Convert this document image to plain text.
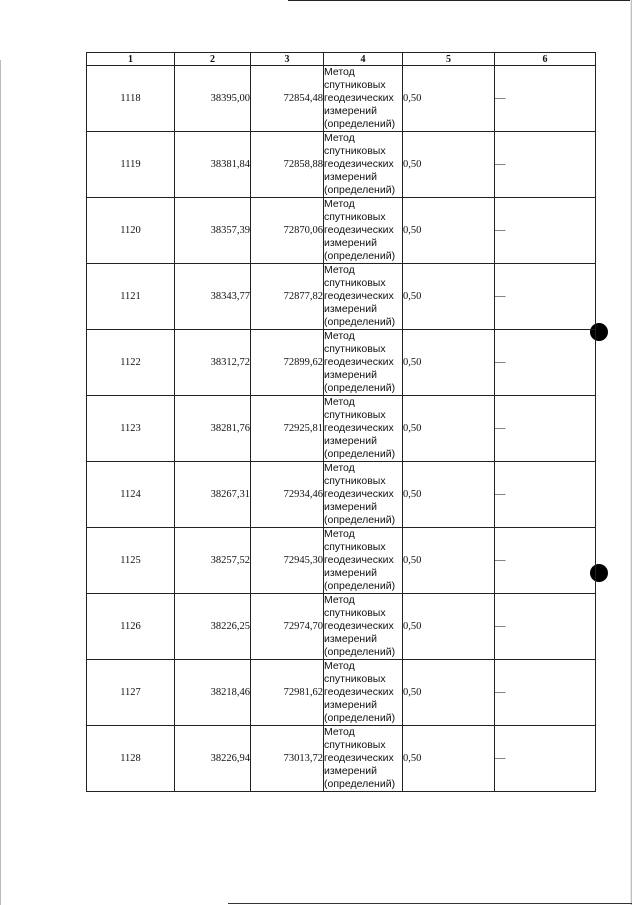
1	2	3	4	5	6
1118	38395,00	72854,48	Метод
спутниковых
геодезических
измерений
(определений)	0,50	—
1119	38381,84	72858,88	Метод
спутниковых
геодезических
измерений
(определений)	0,50	—
1120	38357,39	72870,06	Метод
спутниковых
геодезических
измерений
(определений)	0,50	—
1121	38343,77	72877,82	Метод
спутниковых
геодезических
измерений
(определений)	0,50	—
1122	38312,72	72899,62	Метод
спутниковых
геодезических
измерений
(определений)	0,50	—
1123	38281,76	72925,81	Метод
спутниковых
геодезических
измерений
(определений)	0,50	—
1124	38267,31	72934,46	Метод
спутниковых
геодезических
измерений
(определений)	0,50	—
1125	38257,52	72945,30	Метод
спутниковых
геодезических
измерений
(определений)	0,50	—
1126	38226,25	72974,70	Метод
спутниковых
геодезических
измерений
(определений)	0,50	—
1127	38218,46	72981,62	Метод
спутниковых
геодезических
измерений
(определений)	0,50	—
1128	38226,94	73013,72	Метод
спутниковых
геодезических
измерений
(определений)	0,50	—
